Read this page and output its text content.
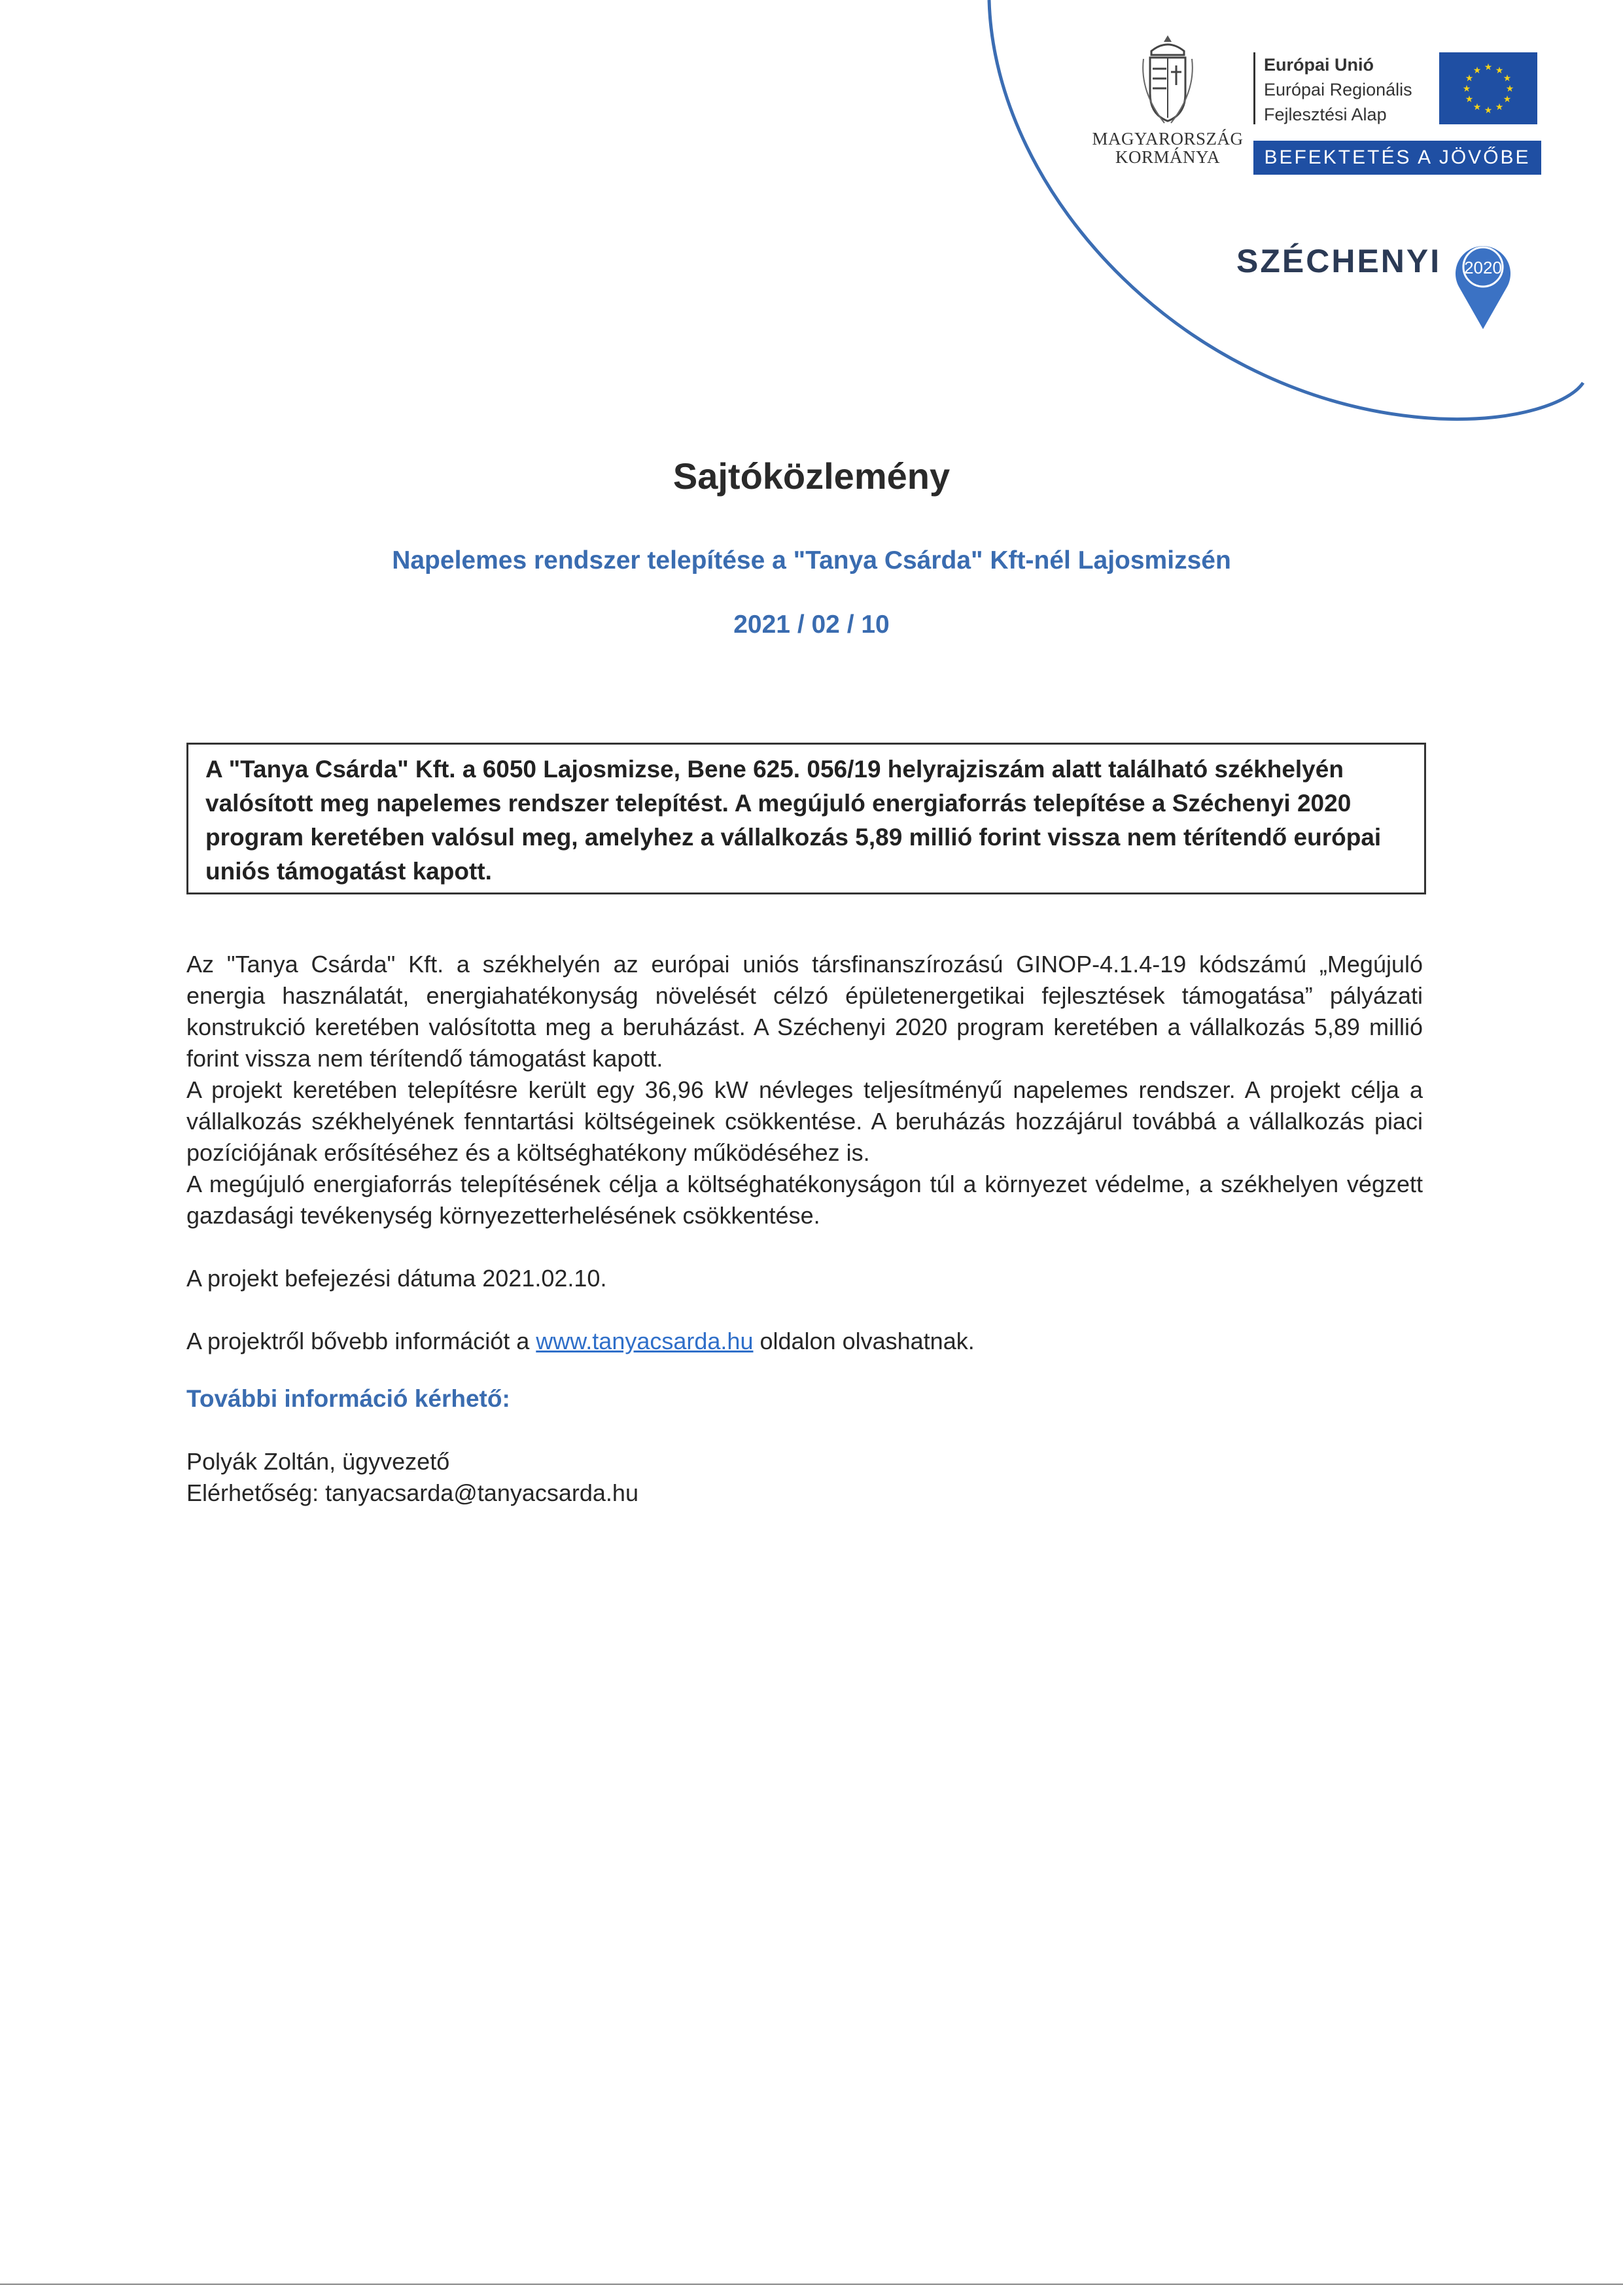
MAGYARORSZÁG
KORMÁNYA
Európai Unió
Európai Regionális
Fejlesztési Alap
★ ★
★
★
★
★
★
★
★
★
★
★
BEFEKTETÉS A JÖVŐBE
SZÉCHENYI 2020
Sajtóközlemény
Napelemes rendszer telepítése a "Tanya Csárda" Kft-nél Lajosmizsén
2021 / 02 / 10

A "Tanya Csárda" Kft. a 6050 Lajosmizse, Bene 625. 056/19 helyrajziszám alatt található székhelyén valósított meg napelemes rendszer telepítést. A megújuló energiaforrás telepítése a Széchenyi 2020 program keretében valósul meg, amelyhez a vállalkozás 5,89 millió forint vissza nem térítendő európai uniós támogatást kapott.

Az "Tanya Csárda" Kft. a székhelyén az európai uniós társfinanszírozású GINOP-4.1.4-19 kódszámú „Megújuló energia használatát, energiahatékonyság növelését célzó épületenergetikai fejlesztések támogatása” pályázati konstrukció keretében valósította meg a beruházást. A Széchenyi 2020 program keretében a vállalkozás 5,89 millió forint vissza nem térítendő támogatást kapott.

A projekt keretében telepítésre került egy 36,96 kW névleges teljesítményű napelemes rendszer. A projekt célja a vállalkozás székhelyének fenntartási költségeinek csökkentése. A beruházás hozzájárul továbbá a vállalkozás piaci pozíciójának erősítéséhez és a költséghatékony működéséhez is.

A megújuló energiaforrás telepítésének célja a költséghatékonyságon túl a környezet védelme, a székhelyen végzett gazdasági tevékenység környezetterhelésének csökkentése.

A projekt befejezési dátuma 2021.02.10.

A projektről bővebb információt a www.tanyacsarda.hu oldalon olvashatnak.

További információ kérhető:

Polyák Zoltán, ügyvezető

Elérhetőség: tanyacsarda@tanyacsarda.hu
